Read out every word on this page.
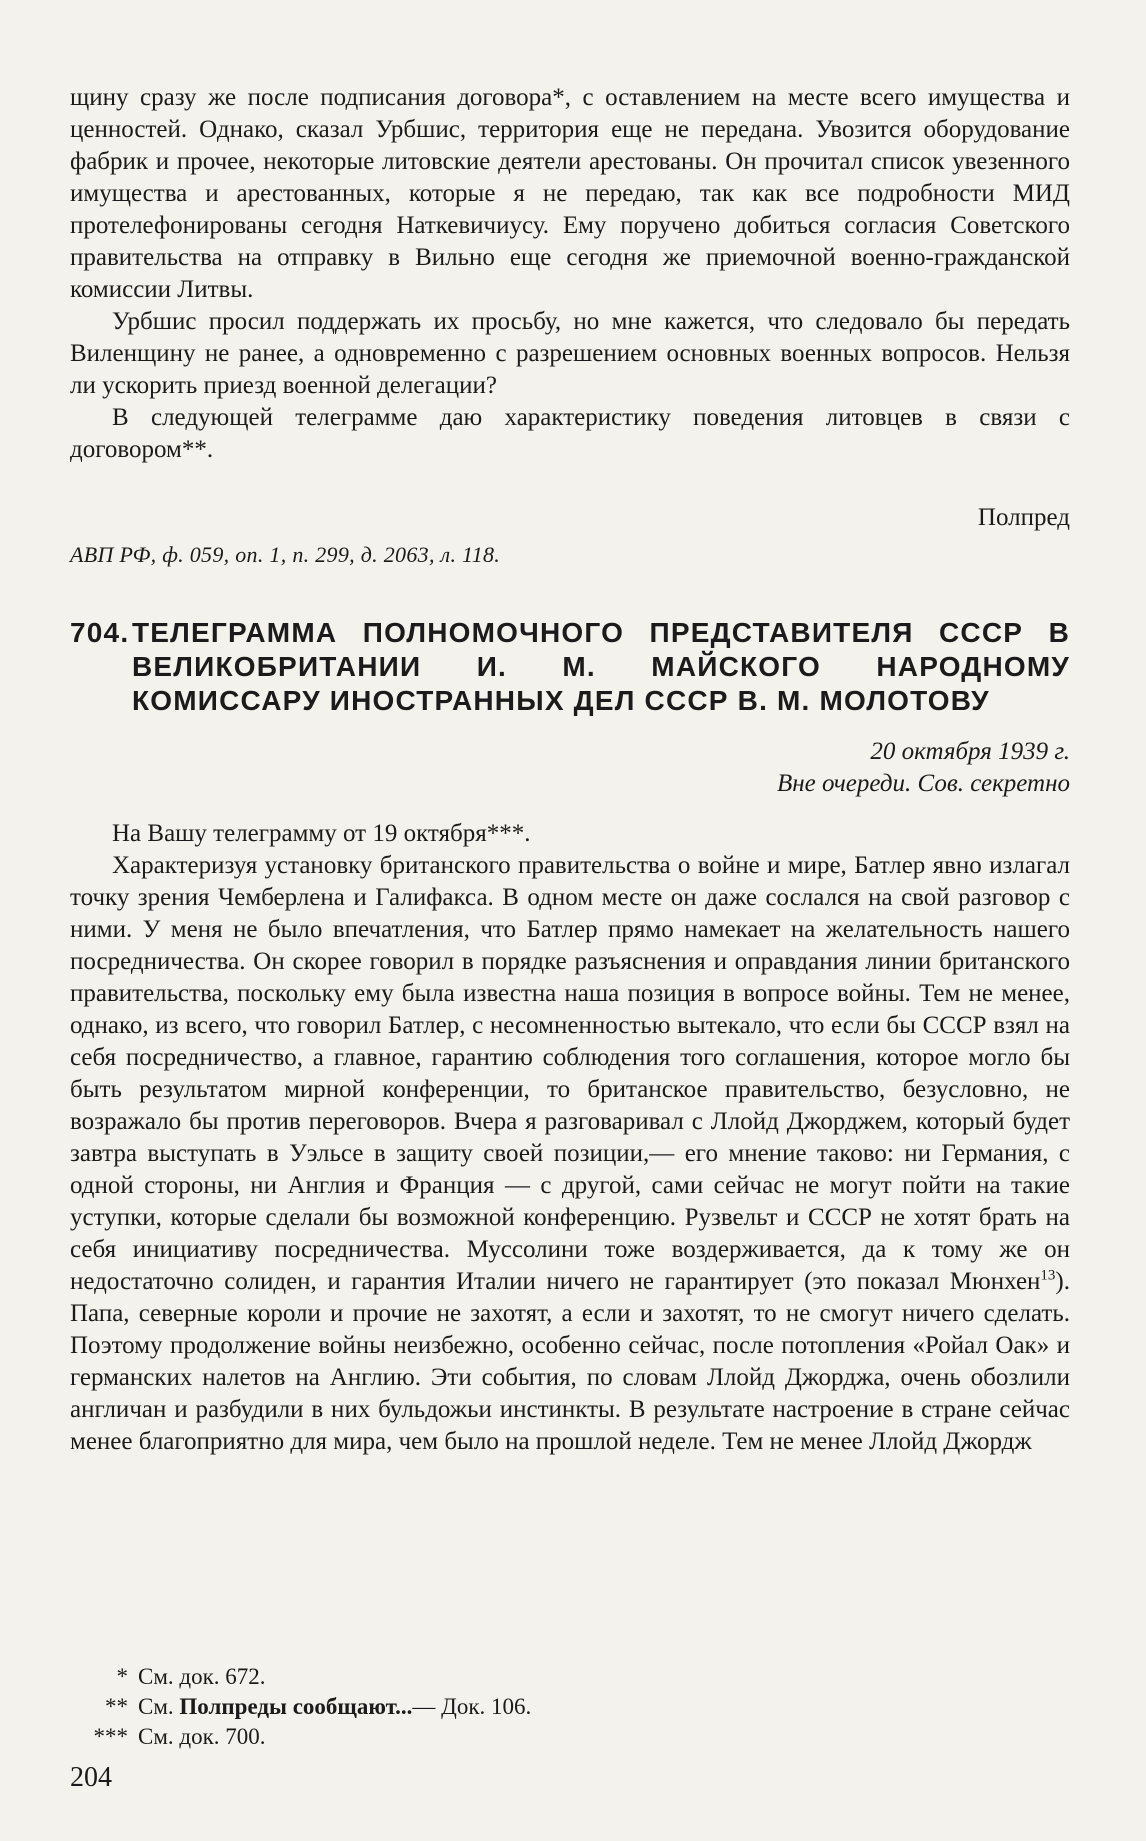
щину сразу же после подписания договора*, с оставлением на месте всего имущества и ценностей. Однако, сказал Урбшис, территория еще не передана. Увозится оборудование фабрик и прочее, некоторые литовские деятели арестованы. Он прочитал список увезенного имущества и арестованных, которые я не передаю, так как все подробности МИД протелефонированы сегодня Наткевичиусу. Ему поручено добиться согласия Советского правительства на отправку в Вильно еще сегодня же приемочной военно-гражданской комиссии Литвы.

Урбшис просил поддержать их просьбу, но мне кажется, что следовало бы передать Виленщину не ранее, а одновременно с разрешением основных военных вопросов. Нельзя ли ускорить приезд военной делегации?

В следующей телеграмме даю характеристику поведения литовцев в связи с договором**.

Полпред
АВП РФ, ф. 059, оп. 1, п. 299, д. 2063, л. 118.
704. ТЕЛЕГРАММА ПОЛНОМОЧНОГО ПРЕДСТАВИТЕЛЯ СССР В ВЕЛИКОБРИТАНИИ И. М. МАЙСКОГО НАРОДНОМУ КОМИССАРУ ИНОСТРАННЫХ ДЕЛ СССР В. М. МОЛОТОВУ
20 октября 1939 г.
Вне очереди. Сов. секретно

На Вашу телеграмму от 19 октября***.

Характеризуя установку британского правительства о войне и мире, Батлер явно излагал точку зрения Чемберлена и Галифакса. В одном месте он даже сослался на свой разговор с ними. У меня не было впечатления, что Батлер прямо намекает на желательность нашего посредничества. Он скорее говорил в порядке разъяснения и оправдания линии британского правительства, поскольку ему была известна наша позиция в вопросе войны. Тем не менее, однако, из всего, что говорил Батлер, с несомненностью вытекало, что если бы СССР взял на себя посредничество, а главное, гарантию соблюдения того соглашения, которое могло бы быть результатом мирной конференции, то британское правительство, безусловно, не возражало бы против переговоров. Вчера я разговаривал с Ллойд Джорджем, который будет завтра выступать в Уэльсе в защиту своей позиции,— его мнение таково: ни Германия, с одной стороны, ни Англия и Франция — с другой, сами сейчас не могут пойти на такие уступки, которые сделали бы возможной конференцию. Рузвельт и СССР не хотят брать на себя инициативу посредничества. Муссолини тоже воздерживается, да к тому же он недостаточно солиден, и гарантия Италии ничего не гарантирует (это показал Мюнхен$^{13}$). Папа, северные короли и прочие не захотят, а если и захотят, то не смогут ничего сделать. Поэтому продолжение войны неизбежно, особенно сейчас, после потопления «Ройал Оак» и германских налетов на Англию. Эти события, по словам Ллойд Джорджа, очень обозлили англичан и разбудили в них бульдожьи инстинкты. В результате настроение в стране сейчас менее благоприятно для мира, чем было на прошлой неделе. Тем не менее Ллойд Джордж

* См. док. 672.
** См. Полпреды сообщают...— Док. 106.
*** См. док. 700.
204
